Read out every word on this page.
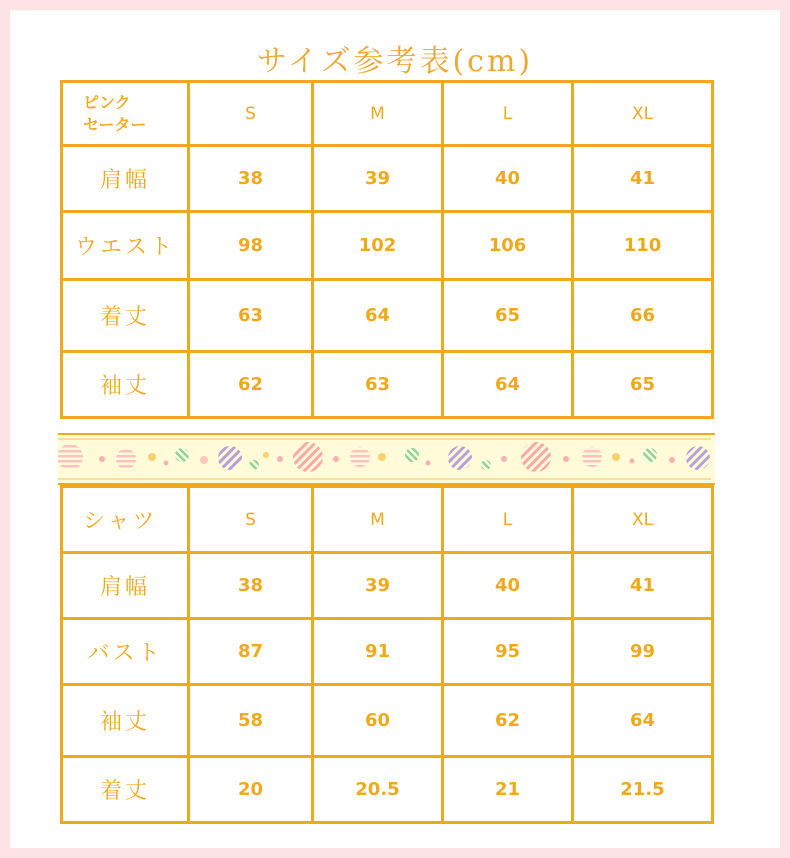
サイズ参考表(cm)
ピンク
セーター	S	M	L	XL
肩幅	38	39	40	41
ウエスト	98	102	106	110
着丈	63	64	65	66
袖丈	62	63	64	65
シャツ	S	M	L	XL
肩幅	38	39	40	41
バスト	87	91	95	99
袖丈	58	60	62	64
着丈	20	20.5	21	21.5
